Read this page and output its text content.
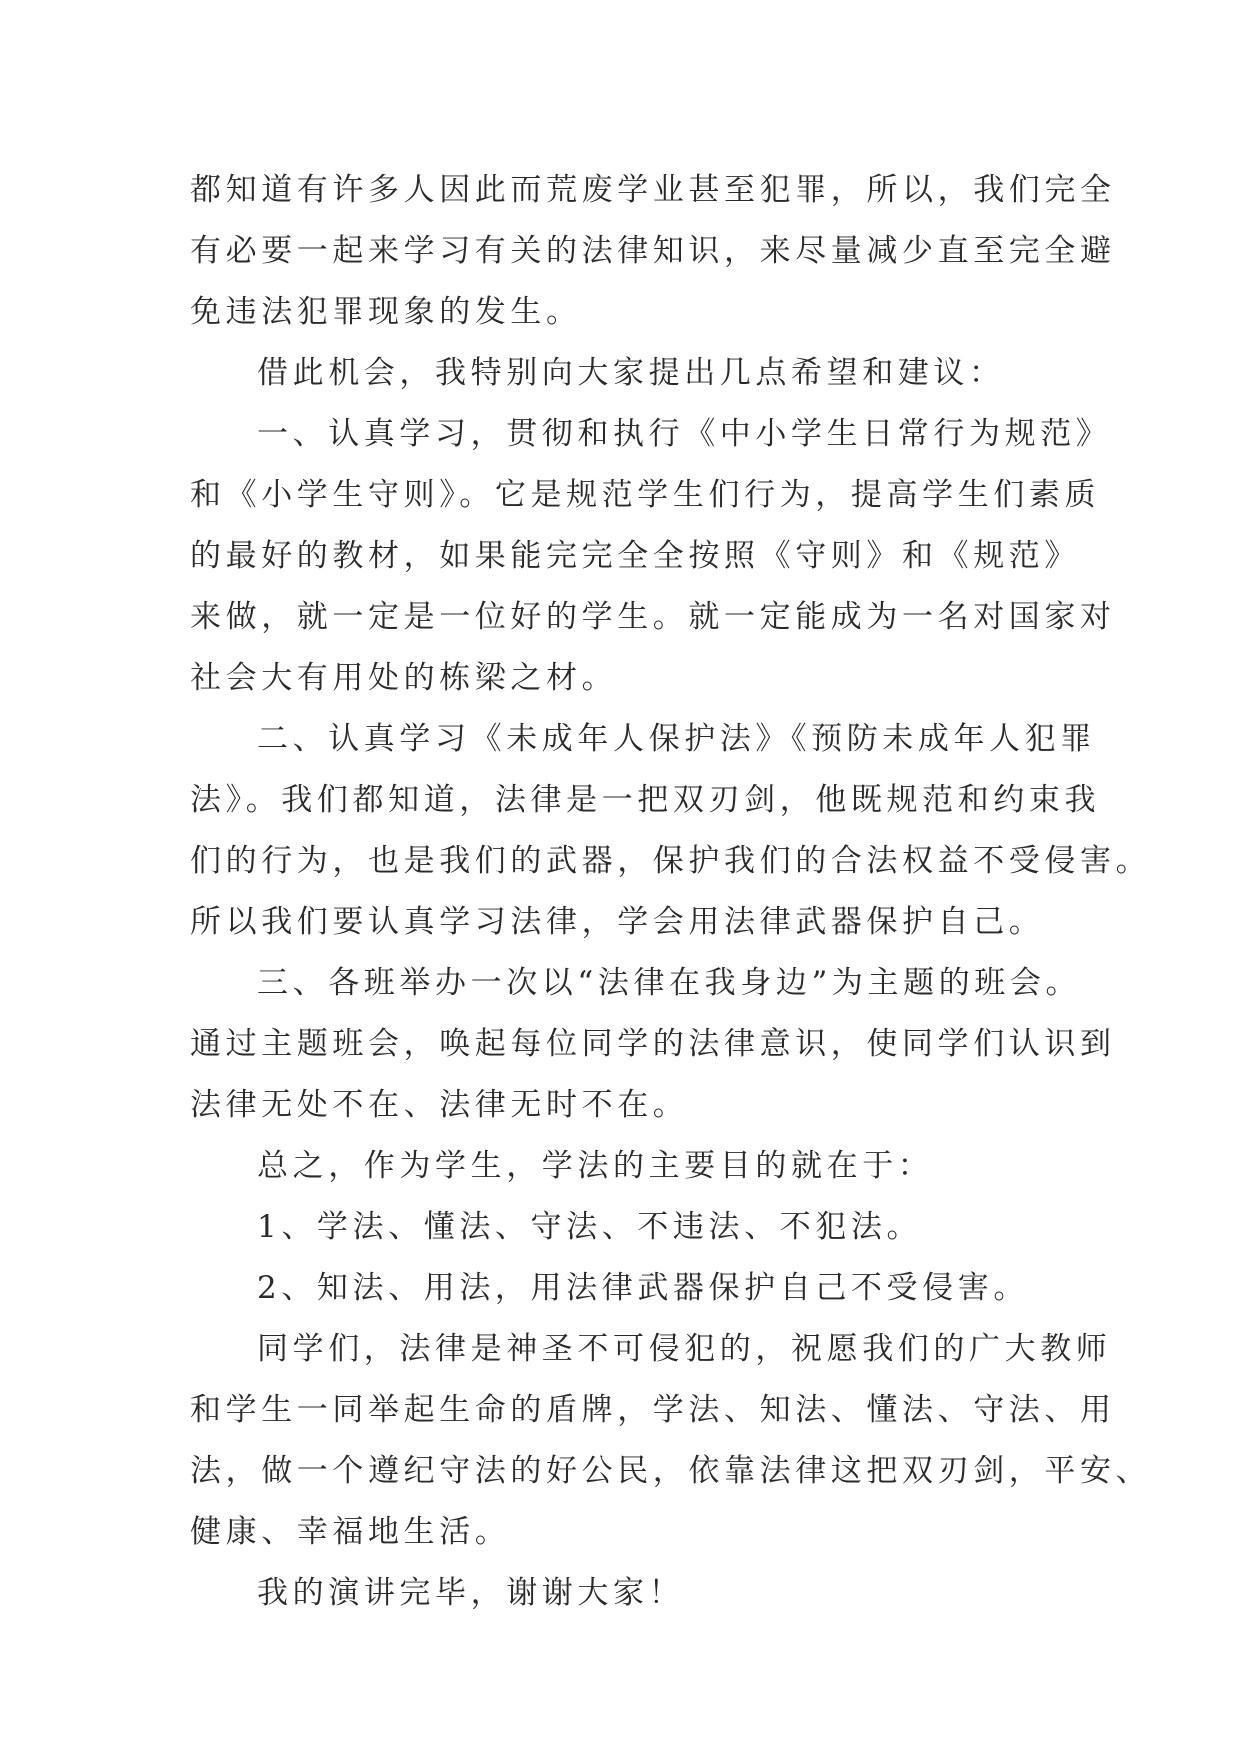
都知道有许多人因此而荒废学业甚至犯罪，所以，我们完全

有必要一起来学习有关的法律知识，来尽量减少直至完全避

免违法犯罪现象的发生。

借此机会，我特别向大家提出几点希望和建议：

一、认真学习，贯彻和执行《中小学生日常行为规范》

和《小学生守则》。它是规范学生们行为，提高学生们素质

的最好的教材，如果能完完全全按照《守则》和《规范》

来做，就一定是一位好的学生。就一定能成为一名对国家对

社会大有用处的栋梁之材。

二、认真学习《未成年人保护法》《预防未成年人犯罪

法》。我们都知道，法律是一把双刃剑，他既规范和约束我

们的行为，也是我们的武器，保护我们的合法权益不受侵害。

所以我们要认真学习法律，学会用法律武器保护自己。

三、各班举办一次以“法律在我身边”为主题的班会。

通过主题班会，唤起每位同学的法律意识，使同学们认识到

法律无处不在、法律无时不在。

总之，作为学生，学法的主要目的就在于：

1、学法、懂法、守法、不违法、不犯法。

2、知法、用法，用法律武器保护自己不受侵害。

同学们，法律是神圣不可侵犯的，祝愿我们的广大教师

和学生一同举起生命的盾牌，学法、知法、懂法、守法、用

法，做一个遵纪守法的好公民，依靠法律这把双刃剑，平安、

健康、幸福地生活。

我的演讲完毕，谢谢大家！
